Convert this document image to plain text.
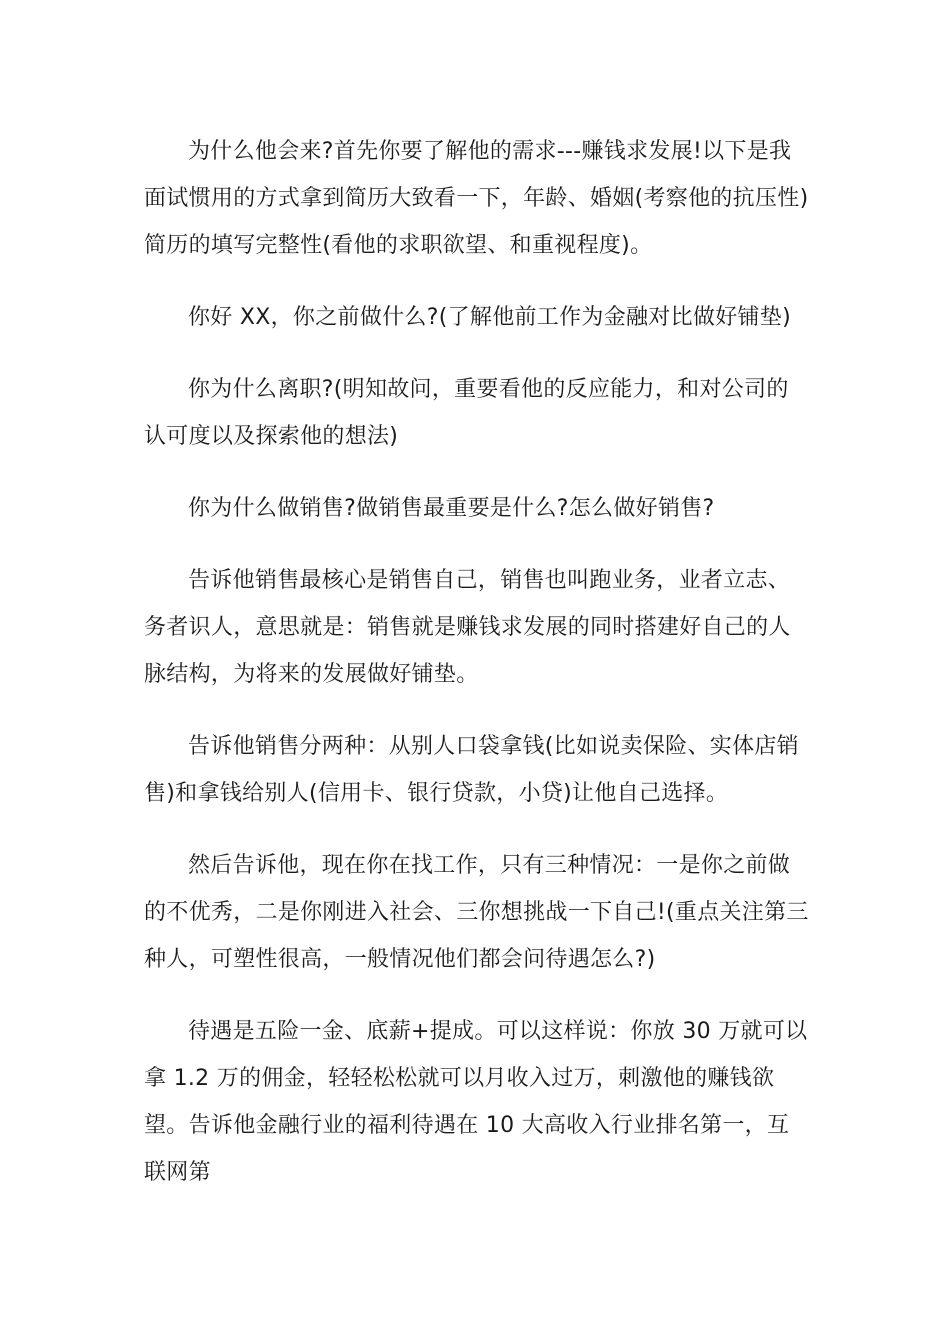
为什么他会来?首先你要了解他的需求---赚钱求发展!以下是我面试惯用的方式拿到简历大致看一下，年龄、婚姻(考察他的抗压性)简历的填写完整性(看他的求职欲望、和重视程度)。

你好 XX，你之前做什么?(了解他前工作为金融对比做好铺垫)

你为什么离职?(明知故问，重要看他的反应能力，和对公司的认可度以及探索他的想法)

你为什么做销售?做销售最重要是什么?怎么做好销售?

告诉他销售最核心是销售自己，销售也叫跑业务，业者立志、务者识人，意思就是：销售就是赚钱求发展的同时搭建好自己的人脉结构，为将来的发展做好铺垫。

告诉他销售分两种：从别人口袋拿钱(比如说卖保险、实体店销售)和拿钱给别人(信用卡、银行贷款，小贷)让他自己选择。

然后告诉他，现在你在找工作，只有三种情况：一是你之前做的不优秀，二是你刚进入社会、三你想挑战一下自己!(重点关注第三种人，可塑性很高，一般情况他们都会问待遇怎么?)

待遇是五险一金、底薪+提成。可以这样说：你放 30 万就可以拿 1.2 万的佣金，轻轻松松就可以月收入过万，刺激他的赚钱欲望。告诉他金融行业的福利待遇在 10 大高收入行业排名第一，互联网第
